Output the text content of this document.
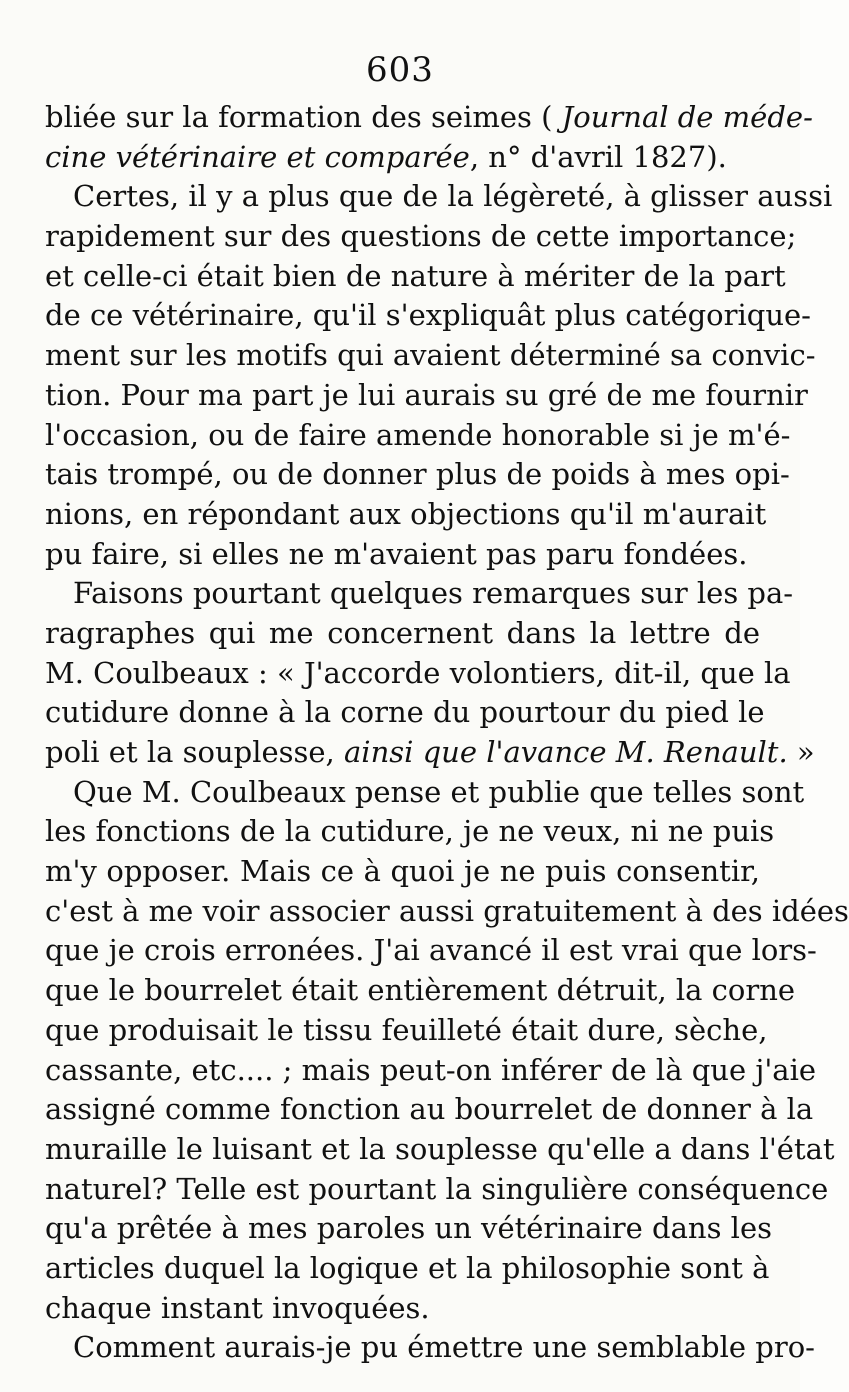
603
bliée sur la formation des seimes ( Journal de méde-
cine vétérinaire et comparée, n° d'avril 1827).
Certes, il y a plus que de la légèreté, à glisser aussi
rapidement sur des questions de cette importance;
et celle-ci était bien de nature à mériter de la part
de ce vétérinaire, qu'il s'expliquât plus catégorique-
ment sur les motifs qui avaient déterminé sa convic-
tion. Pour ma part je lui aurais su gré de me fournir
l'occasion, ou de faire amende honorable si je m'é-
tais trompé, ou de donner plus de poids à mes opi-
nions, en répondant aux objections qu'il m'aurait
pu faire, si elles ne m'avaient pas paru fondées.
Faisons pourtant quelques remarques sur les pa-
ragraphes qui me concernent dans la lettre de
M. Coulbeaux : « J'accorde volontiers, dit-il, que la
cutidure donne à la corne du pourtour du pied le
poli et la souplesse, ainsi que l'avance M. Renault. »
Que M. Coulbeaux pense et publie que telles sont
les fonctions de la cutidure, je ne veux, ni ne puis
m'y opposer. Mais ce à quoi je ne puis consentir,
c'est à me voir associer aussi gratuitement à des idées
que je crois erronées. J'ai avancé il est vrai que lors-
que le bourrelet était entièrement détruit, la corne
que produisait le tissu feuilleté était dure, sèche,
cassante, etc.... ; mais peut-on inférer de là que j'aie
assigné comme fonction au bourrelet de donner à la
muraille le luisant et la souplesse qu'elle a dans l'état
naturel? Telle est pourtant la singulière conséquence
qu'a prêtée à mes paroles un vétérinaire dans les
articles duquel la logique et la philosophie sont à
chaque instant invoquées.
Comment aurais-je pu émettre une semblable pro-
